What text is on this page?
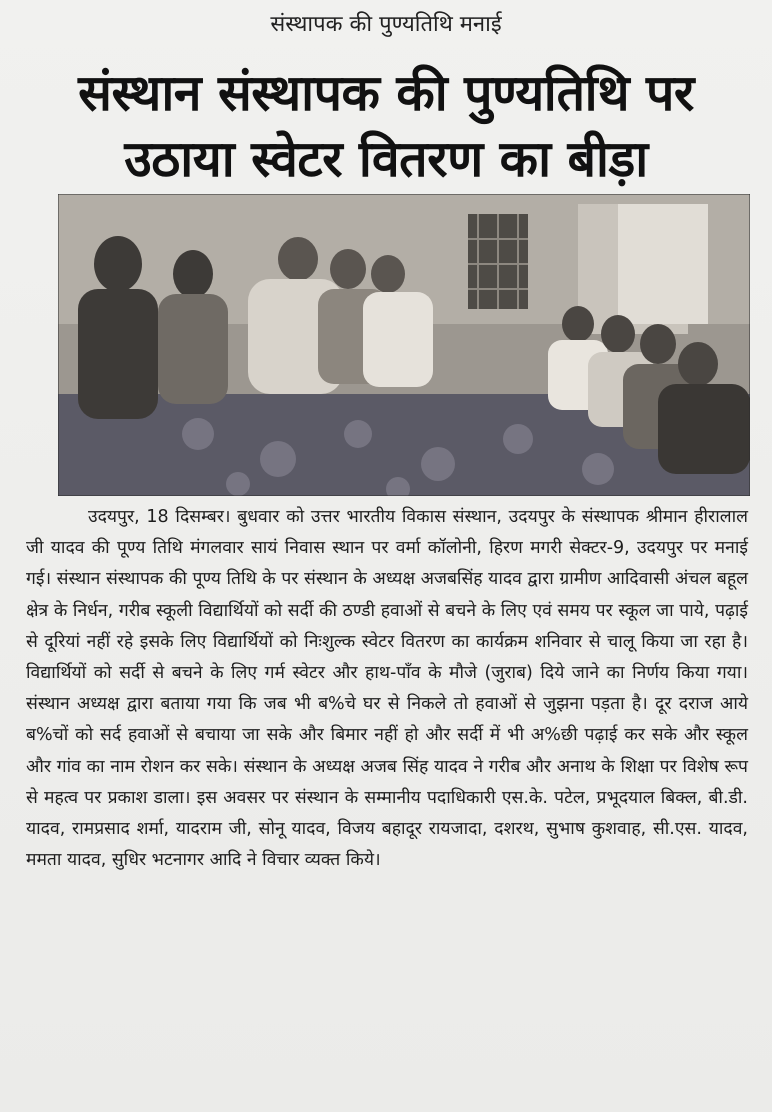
संस्थापक की पुण्यतिथि मनाई
संस्थान संस्थापक की पुण्यतिथि पर
उठाया स्वेटर वितरण का बीड़ा
उदयपुर, 18 दिसम्बर। बुधवार को उत्तर भारतीय विकास संस्थान, उदयपुर के संस्थापक श्रीमान हीरालाल जी यादव की पूण्य तिथि मंगलवार सायं निवास स्थान पर वर्मा कॉलोनी, हिरण मगरी सेक्टर-9, उदयपुर पर मनाई गई। संस्थान संस्थापक की पूण्य तिथि के पर संस्थान के अध्यक्ष अजबसिंह यादव द्वारा ग्रामीण आदिवासी अंचल बहूल क्षेत्र के निर्धन, गरीब स्कूली विद्यार्थियों को सर्दी की ठण्डी हवाओं से बचने के लिए एवं समय पर स्कूल जा पाये, पढ़ाई से दूरियां नहीं रहे इसके लिए विद्यार्थियों को निःशुल्क स्वेटर वितरण का कार्यक्रम शनिवार से चालू किया जा रहा है। विद्यार्थियों को सर्दी से बचने के लिए गर्म स्वेटर और हाथ-पाँव के मौजे (जुराब) दिये जाने का निर्णय किया गया। संस्थान अध्यक्ष द्वारा बताया गया कि जब भी ब%चे घर से निकले तो हवाओं से जुझना पड़ता है। दूर दराज आये ब%चों को सर्द हवाओं से बचाया जा सके और बिमार नहीं हो और सर्दी में भी अ%छी पढ़ाई कर सके और स्कूल और गांव का नाम रोशन कर सके। संस्थान के अध्यक्ष अजब सिंह यादव ने गरीब और अनाथ के शिक्षा पर विशेष रूप से महत्व पर प्रकाश डाला। इस अवसर पर संस्थान के सम्मानीय पदाधिकारी एस.के. पटेल, प्रभूदयाल बिक्ल, बी.डी. यादव, रामप्रसाद शर्मा, यादराम जी, सोनू यादव, विजय बहादूर रायजादा, दशरथ, सुभाष कुशवाह, सी.एस. यादव, ममता यादव, सुधिर भटनागर आदि ने विचार व्यक्त किये।
